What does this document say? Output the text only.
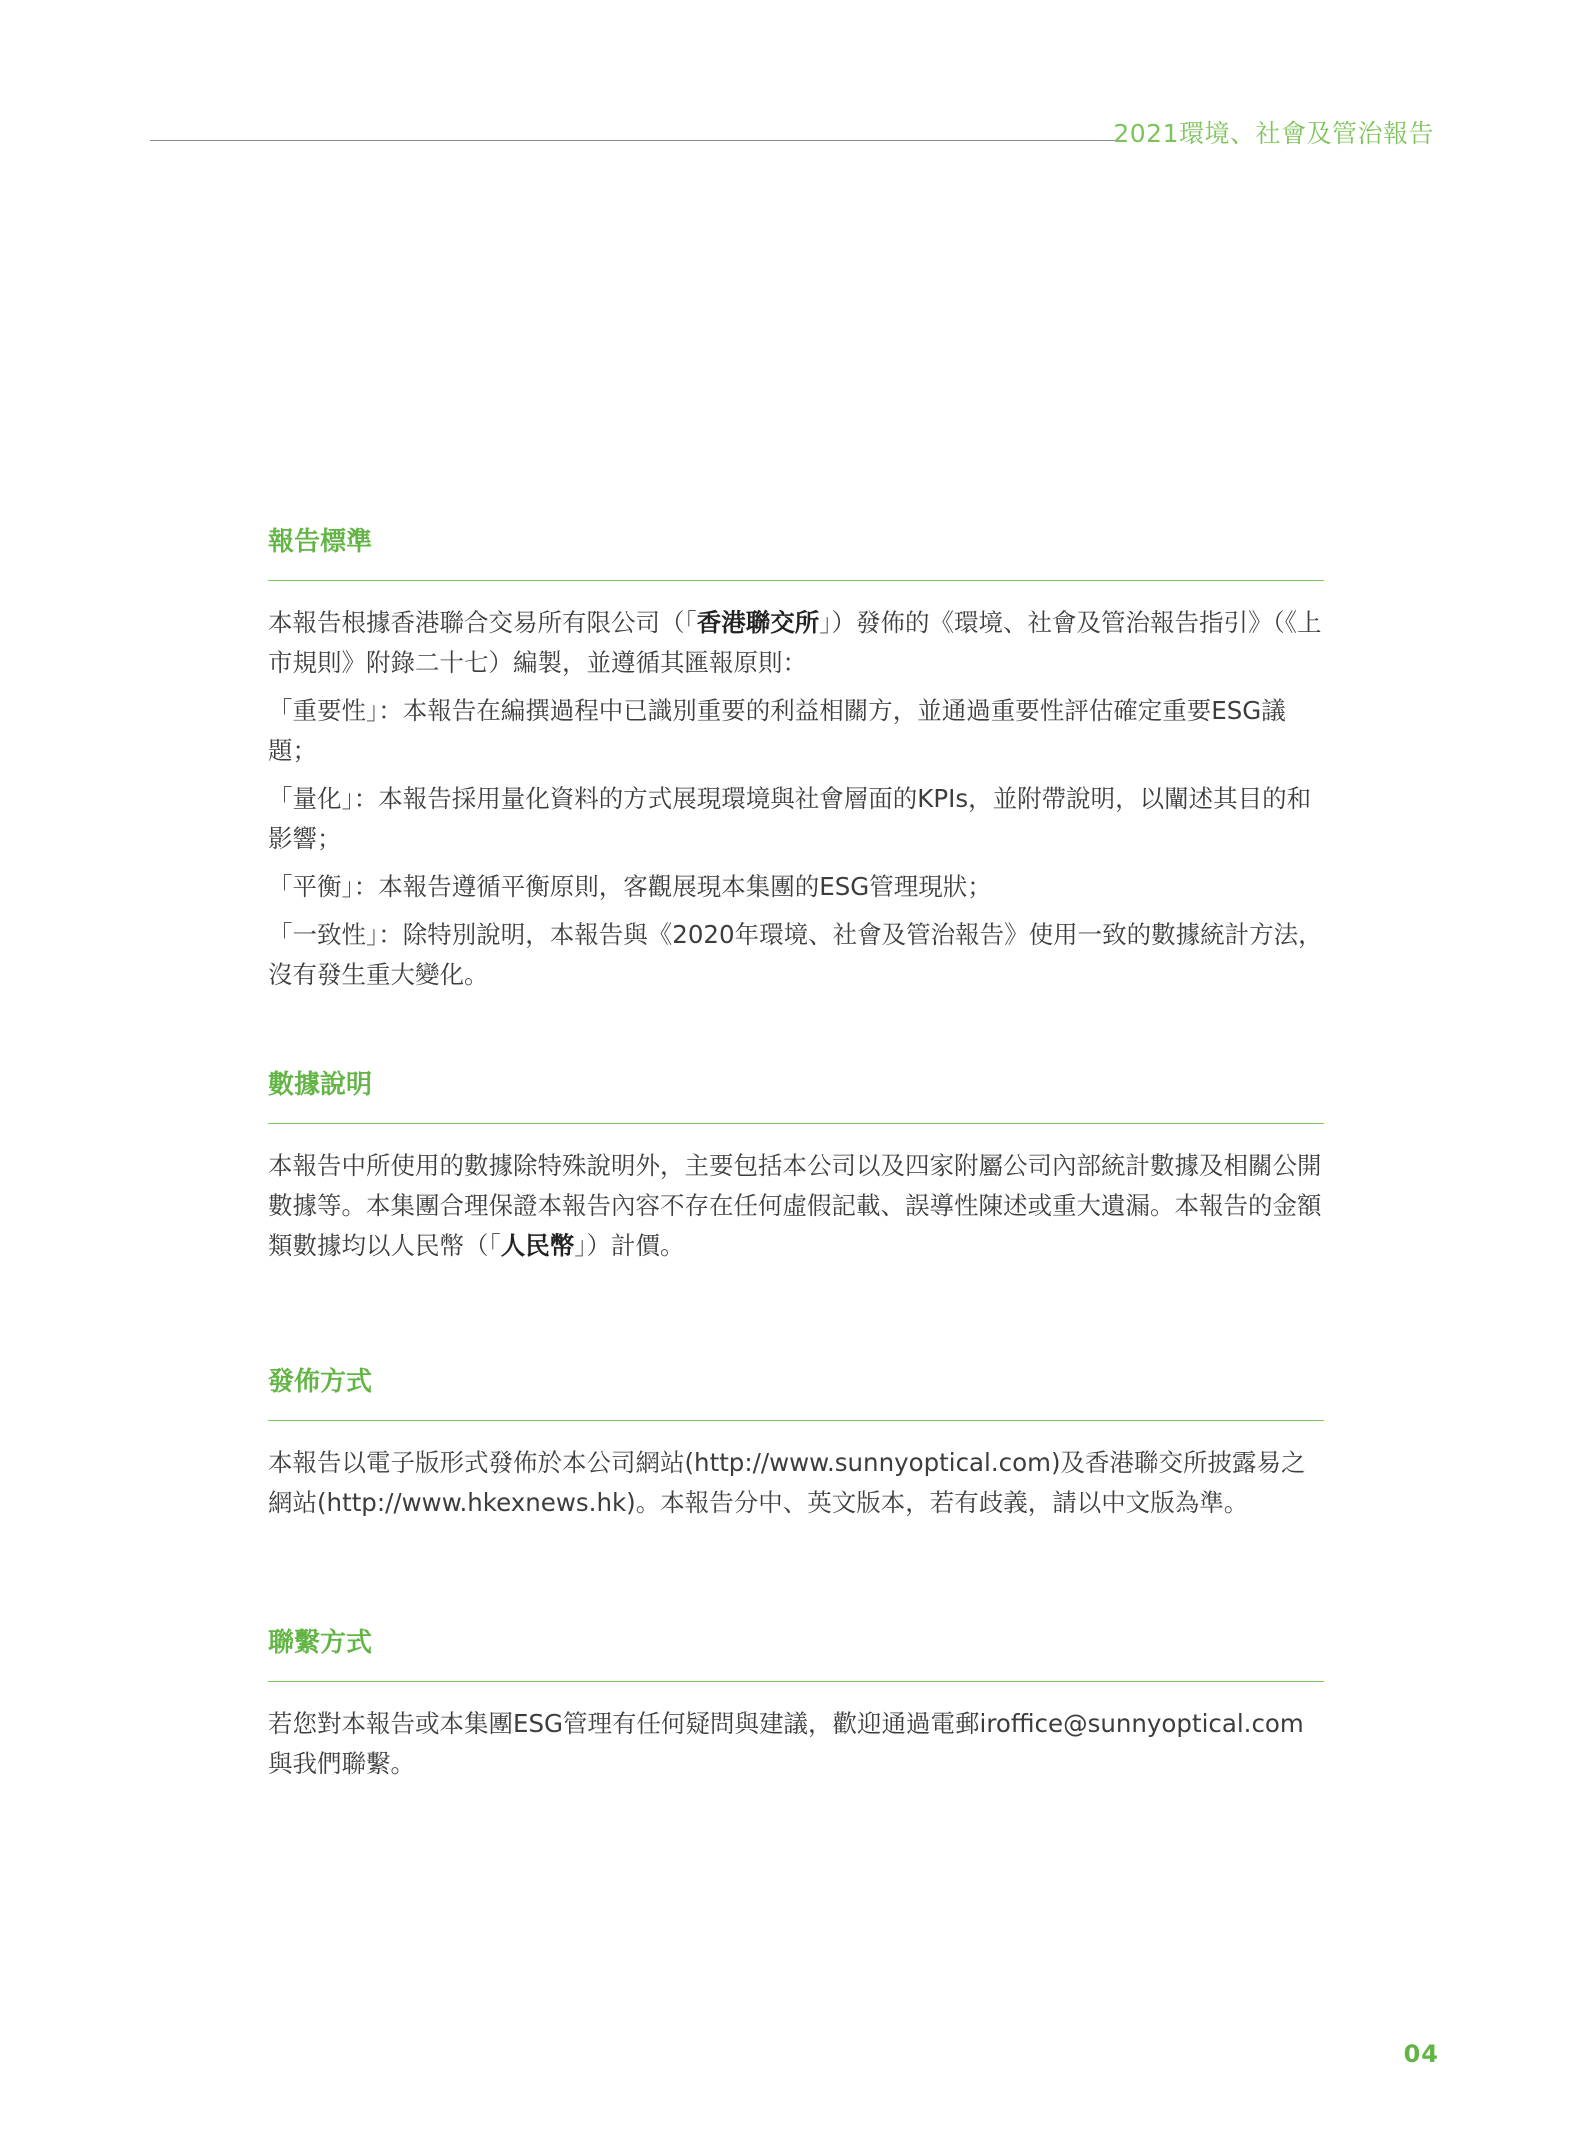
2021環境、社會及管治報告
報告標準

本報告根據香港聯合交易所有限公司（「香港聯交所」）發佈的《環境、社會及管治報告指引》（《上市規則》附錄二十七）編製，並遵循其匯報原則：

「重要性」：本報告在編撰過程中已識別重要的利益相關方，並通過重要性評估確定重要ESG議題；

「量化」：本報告採用量化資料的方式展現環境與社會層面的KPIs，並附帶說明，以闡述其目的和影響；

「平衡」：本報告遵循平衡原則，客觀展現本集團的ESG管理現狀；

「一致性」：除特別說明，本報告與《2020年環境、社會及管治報告》使用一致的數據統計方法，沒有發生重大變化。

數據說明

本報告中所使用的數據除特殊說明外，主要包括本公司以及四家附屬公司內部統計數據及相關公開數據等。本集團合理保證本報告內容不存在任何虛假記載、誤導性陳述或重大遺漏。本報告的金額類數據均以人民幣（「人民幣」）計價。

發佈方式

本報告以電子版形式發佈於本公司網站(http://www.sunnyoptical.com)及香港聯交所披露易之網站(http://www.hkexnews.hk)。本報告分中、英文版本，若有歧義，請以中文版為準。

聯繫方式

若您對本報告或本集團ESG管理有任何疑問與建議，歡迎通過電郵iroffice@sunnyoptical.com與我們聯繫。

04
